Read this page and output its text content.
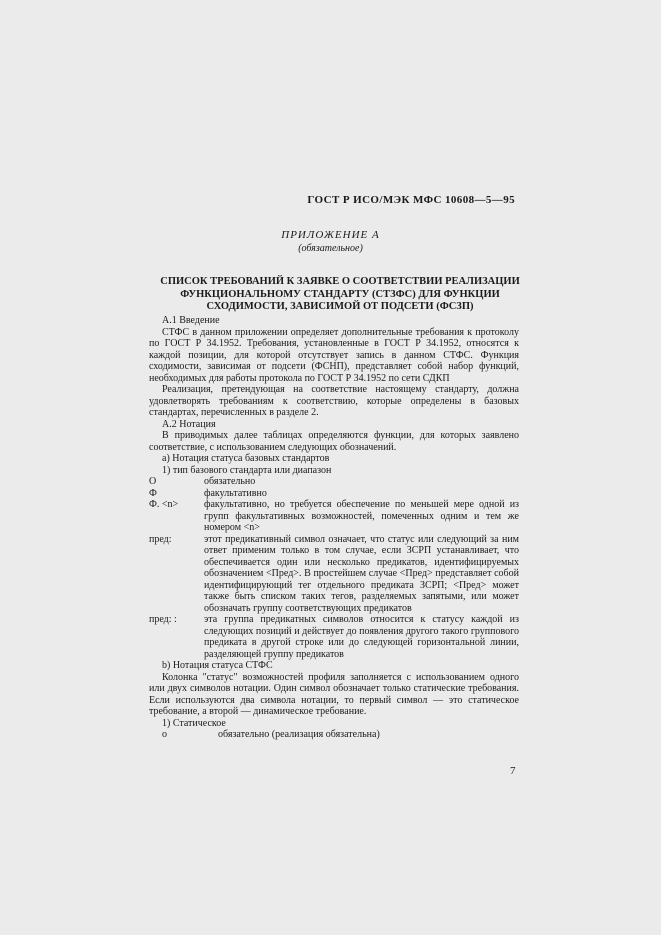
ГОСТ Р ИСО/МЭК МФС 10608—5—95
ПРИЛОЖЕНИЕ А
(обязательное)
СПИСОК ТРЕБОВАНИЙ К ЗАЯВКЕ О СООТВЕТСТВИИ РЕАЛИЗАЦИИ
ФУНКЦИОНАЛЬНОМУ СТАНДАРТУ (СТЗФС) ДЛЯ ФУНКЦИИ
СХОДИМОСТИ, ЗАВИСИМОЙ ОТ ПОДСЕТИ (ФСЗП)

А.1 Введение

СТФС в данном приложении определяет дополнительные требования к протоколу по ГОСТ Р 34.1952. Требования, установленные в ГОСТ Р 34.1952, относятся к каждой позиции, для которой отсутствует запись в данном СТФС. Функция сходимости, зависимая от подсети (ФСНП), представляет собой набор функций, необходимых для работы протокола по ГОСТ Р 34.1952 по сети СДКП

Реализация, претендующая на соответствие настоящему стандарту, должна удовлетворять требованиям к соответствию, которые определены в базовых стандартах, перечисленных в разделе 2.

А.2 Нотация

В приводимых далее таблицах определяются функции, для которых заявлено соответствие, с использованием следующих обозначений.

а) Нотация статуса базовых стандартов

1) тип базового стандарта или диапазон

О	обязательно
Ф	факультативно
Ф. <n>	факультативно, но требуется обеспечение по меньшей мере одной из групп факультативных возможностей, помеченных одним и тем же номером <n>
пред:	этот предикативный символ означает, что статус или следующий за ним ответ применим только в том случае, если ЗСРП устанавливает, что обеспечивается один или несколько предикатов, идентифицируемых обозначением <Пред>. В простейшем случае <Пред> представляет собой идентифицирующий тег отдельного предиката ЗСРП; <Пред> может также быть списком таких тегов, разделяемых запятыми, или может обозначать группу соответствующих предикатов
пред: :	эта группа предикатных символов относится к статусу каждой из следующих позиций и действует до появления другого такого группового предиката в другой строке или до следующей горизонтальной линии, разделяющей группу предикатов

b) Нотация статуса СТФС

Колонка "статус" возможностей профиля заполняется с использованием одного или двух символов нотации. Один символ обозначает только статические требования. Если используются два символа нотации, то первый символ — это статическое требование, а второй — динамическое требование.

1) Статическое

о	обязательно (реализация обязательна)
7
